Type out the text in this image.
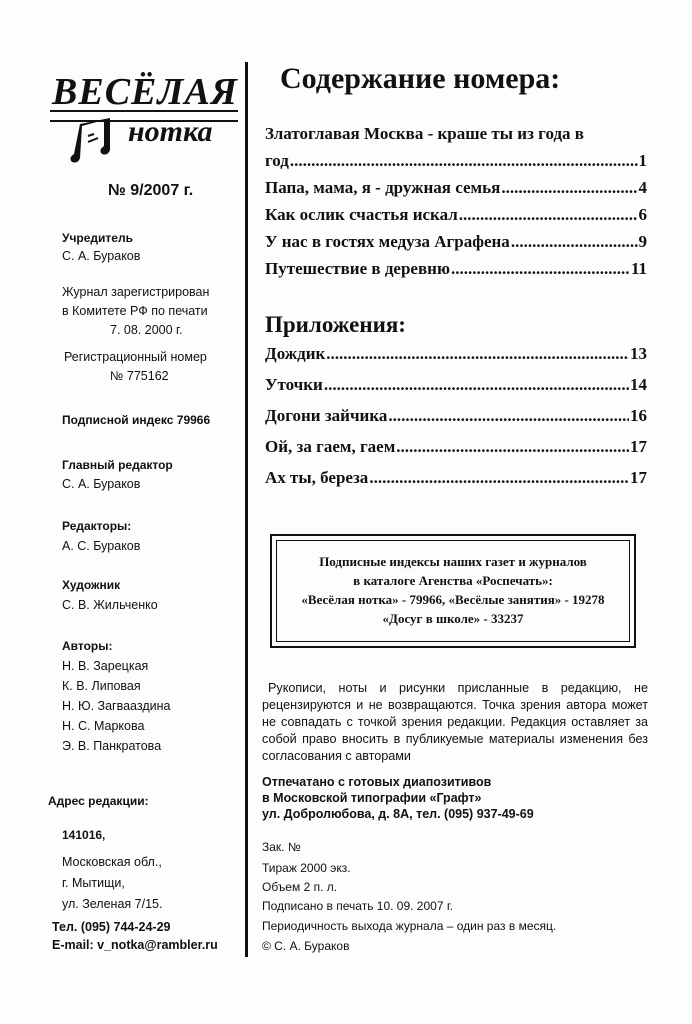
ВЕСЁЛАЯ
нотка
№ 9/2007 г.
Учредитель
С. А. Бураков
Журнал зарегистрирован
в Комитете РФ по печати
7. 08. 2000 г.
Регистрационный номер
№ 775162
Подписной индекс 79966
Главный редактор
С. А. Бураков
Редакторы:
А. С. Бураков
Художник
С. В. Жильченко
Авторы:
Н. В. Зарецкая
К. В. Липовая
Н. Ю. Загвааздина
Н. С. Маркова
Э. В. Панкратова
Адрес редакции:
141016,
Московская обл.,
г. Мытищи,
ул. Зеленая 7/15.
Тел. (095) 744-24-29
E-mail: v_notka@rambler.ru
Содержание номера:
Златоглавая Москва - краше ты из года в
год .....	1
Папа, мама, я - дружная семья .....	4
Как ослик счастья искал .....	6
У нас в гостях медуза Аграфена .....	9
Путешествие в деревню .....	11
Приложения:
Дождик .....	13
Уточки .....	14
Догони зайчика .....	16
Ой, за гаем, гаем .....	17
Ах ты, береза .....	17
Подписные индексы наших газет и журналов
в каталоге Агенства «Роспечать»:
«Весёлая нотка» - 79966, «Весёлые занятия» - 19278
«Досуг в школе» - 33237
Рукописи, ноты и рисунки присланные в редакцию, не рецензируются и не возвращаются. Точка зрения автора может не совпадать с точкой зрения редакции. Редакция оставляет за собой право вносить в публикуемые материалы изменения без согласования с авторами
Отпечатано с готовых диапозитивов
в Московской типографии «Графт»
ул. Добролюбова, д. 8А, тел. (095) 937-49-69
Зак. №
Тираж 2000 экз.
Объем 2 п. л.
Подписано в печать 10. 09. 2007 г.
Периодичность выхода журнала – один раз в месяц.
© С. А. Бураков
